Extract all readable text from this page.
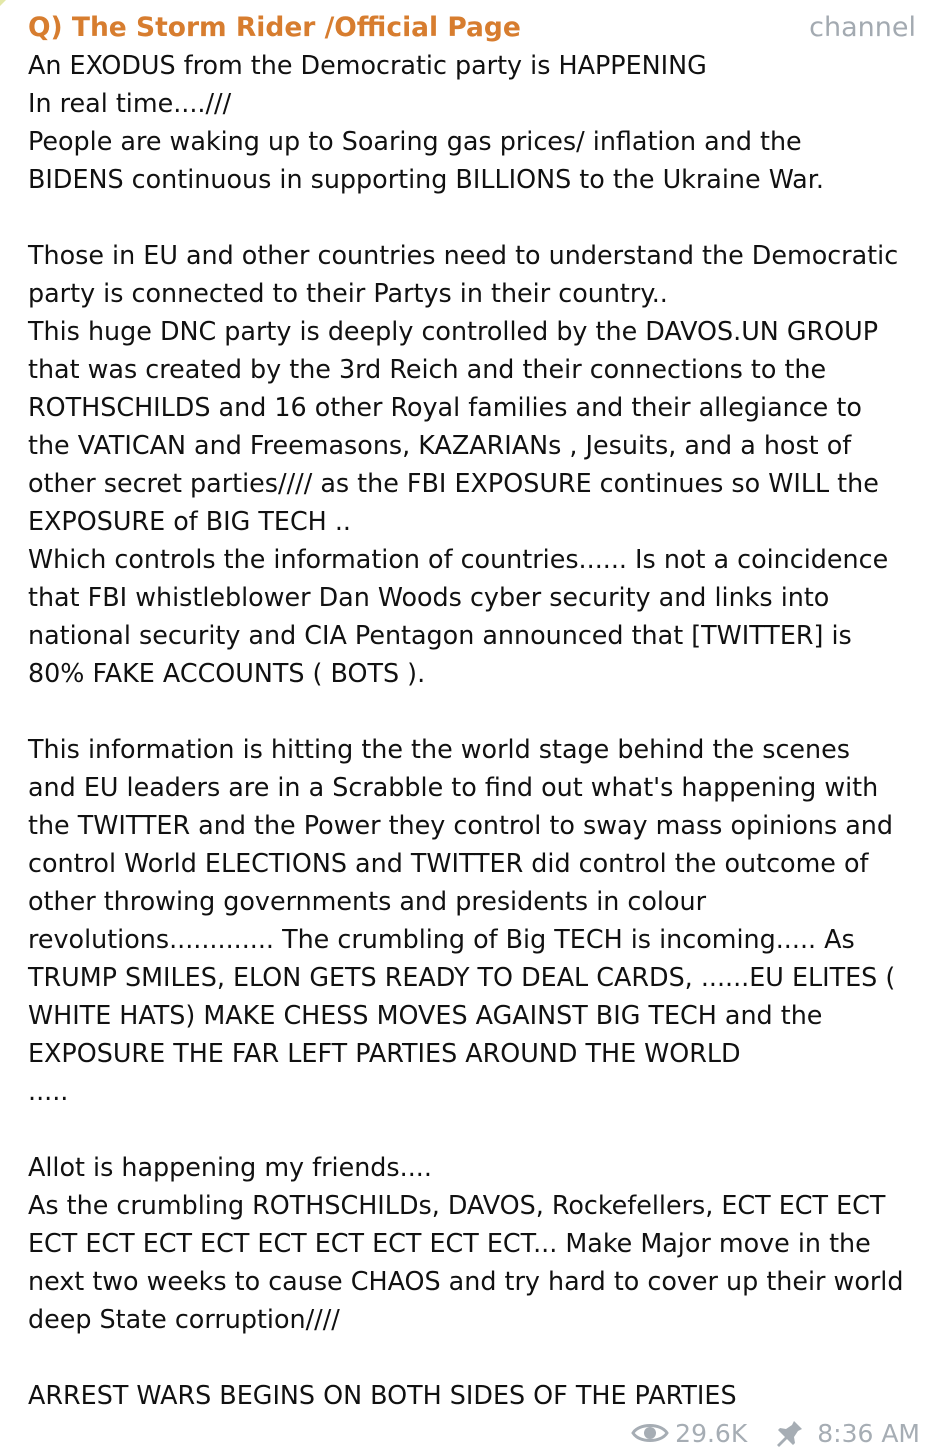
Q) The Storm Rider /Official Page	channel

An EXODUS from the Democratic party is HAPPENING

In real time....///

People are waking up to Soaring gas prices/ inflation and the

BIDENS continuous in supporting BILLIONS to the Ukraine War.

Those in EU and other countries need to understand the Democratic

party is connected to their Partys in their country..

This huge DNC party is deeply controlled by the DAVOS.UN GROUP

that was created by the 3rd Reich and their connections to the

ROTHSCHILDS and 16 other Royal families and their allegiance to

the VATICAN and Freemasons, KAZARIANs , Jesuits, and a host of

other secret parties//// as the FBI EXPOSURE continues so WILL the

EXPOSURE of BIG TECH ..

Which controls the information of countries...... Is not a coincidence

that FBI whistleblower Dan Woods cyber security and links into

national security and CIA Pentagon announced that [TWITTER] is

80% FAKE ACCOUNTS ( BOTS ).

This information is hitting the the world stage behind the scenes

and EU leaders are in a Scrabble to find out what's happening with

the TWITTER and the Power they control to sway mass opinions and

control World ELECTIONS and TWITTER did control the outcome of

other throwing governments and presidents in colour

revolutions............. The crumbling of Big TECH is incoming..... As

TRUMP SMILES, ELON GETS READY TO DEAL CARDS, ......EU ELITES (

WHITE HATS) MAKE CHESS MOVES AGAINST BIG TECH and the

EXPOSURE THE FAR LEFT PARTIES AROUND THE WORLD

.....

Allot is happening my friends....

As the crumbling ROTHSCHILDs, DAVOS, Rockefellers, ECT ECT ECT

ECT ECT ECT ECT ECT ECT ECT ECT ECT... Make Major move in the

next two weeks to cause CHAOS and try hard to cover up their world

deep State corruption////

ARREST WARS BEGINS ON BOTH SIDES OF THE PARTIES

29.6K	8:36 AM
